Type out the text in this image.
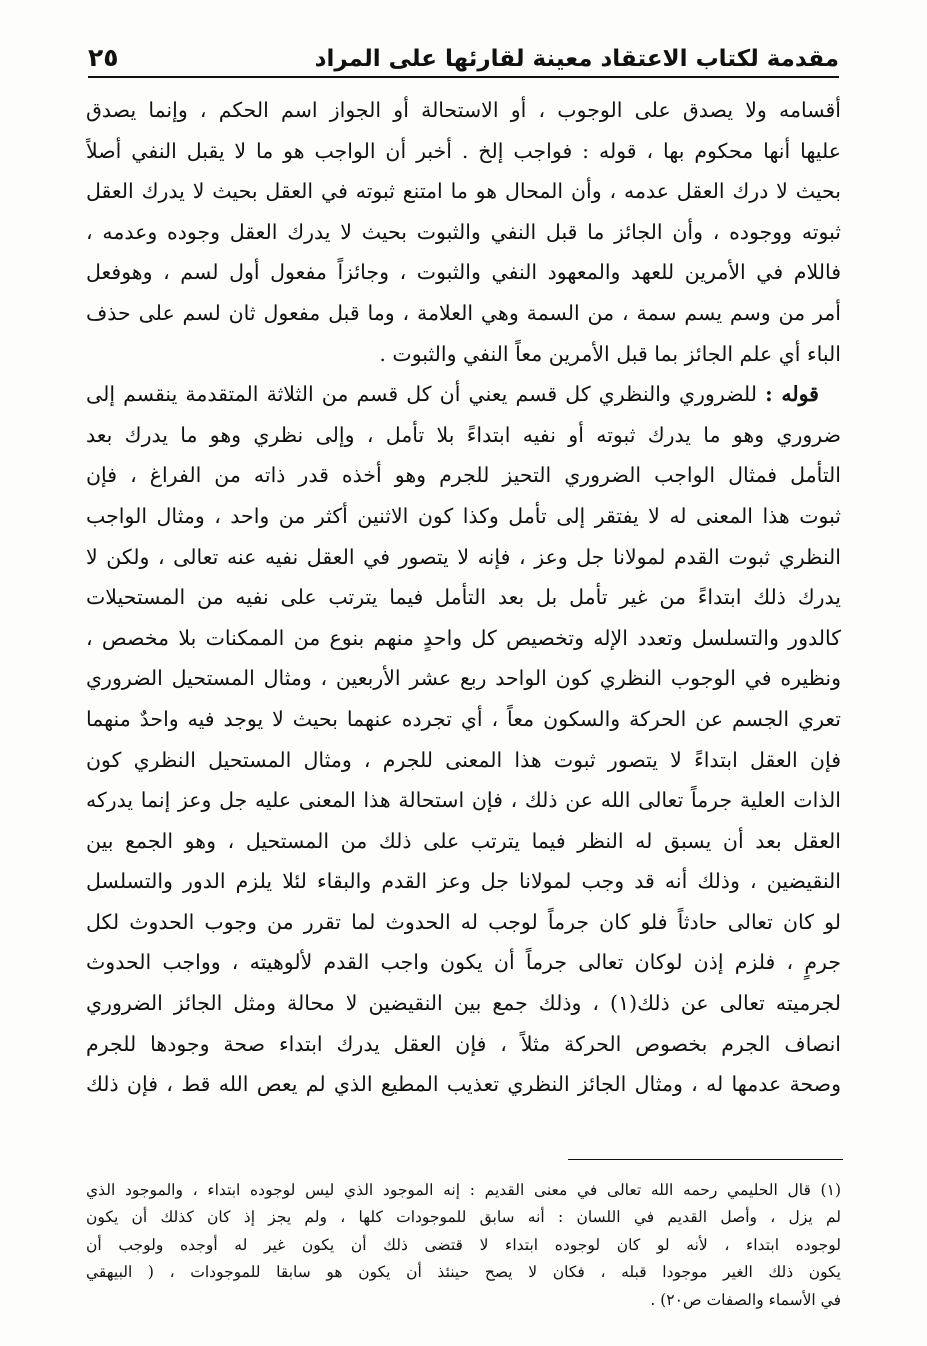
٢٥	مقدمة لكتاب الاعتقاد معينة لقارئها على المراد
أقسامه ولا يصدق على الوجوب ، أو الاستحالة أو الجواز اسم الحكم ، وإنما يصدق
عليها أنها محكوم بها ، قوله : فواجب إلخ . أخبر أن الواجب هو ما لا يقبل النفي أصلاً
بحيث لا درك العقل عدمه ، وأن المحال هو ما امتنع ثبوته في العقل بحيث لا يدرك العقل
ثبوته ووجوده ، وأن الجائز ما قبل النفي والثبوت بحيث لا يدرك العقل وجوده وعدمه ،
فاللام في الأمرين للعهد والمعهود النفي والثبوت ، وجائزاً مفعول أول لسم ، وهوفعل
أمر من وسم يسم سمة ، من السمة وهي العلامة ، وما قبل مفعول ثان لسم على حذف
الباء أي علم الجائز بما قبل الأمرين معاً النفي والثبوت .
قوله : للضروري والنظري كل قسم يعني أن كل قسم من الثلاثة المتقدمة ينقسم إلى
ضروري وهو ما يدرك ثبوته أو نفيه ابتداءً بلا تأمل ، وإلى نظري وهو ما يدرك بعد
التأمل فمثال الواجب الضروري التحيز للجرم وهو أخذه قدر ذاته من الفراغ ، فإن
ثبوت هذا المعنى له لا يفتقر إلى تأمل وكذا كون الاثنين أكثر من واحد ، ومثال الواجب
النظري ثبوت القدم لمولانا جل وعز ، فإنه لا يتصور في العقل نفيه عنه تعالى ، ولكن لا
يدرك ذلك ابتداءً من غير تأمل بل بعد التأمل فيما يترتب على نفيه من المستحيلات
كالدور والتسلسل وتعدد الإله وتخصيص كل واحدٍ منهم بنوع من الممكنات بلا مخصص ،
ونظيره في الوجوب النظري كون الواحد ربع عشر الأربعين ، ومثال المستحيل الضروري
تعري الجسم عن الحركة والسكون معاً ، أي تجرده عنهما بحيث لا يوجد فيه واحدٌ منهما
فإن العقل ابتداءً لا يتصور ثبوت هذا المعنى للجرم ، ومثال المستحيل النظري كون
الذات العلية جرماً تعالى الله عن ذلك ، فإن استحالة هذا المعنى عليه جل وعز إنما يدركه
العقل بعد أن يسبق له النظر فيما يترتب على ذلك من المستحيل ، وهو الجمع بين
النقيضين ، وذلك أنه قد وجب لمولانا جل وعز القدم والبقاء لئلا يلزم الدور والتسلسل
لو كان تعالى حادثاً فلو كان جرماً لوجب له الحدوث لما تقرر من وجوب الحدوث لكل
جرمٍ ، فلزم إذن لوكان تعالى جرماً أن يكون واجب القدم لألوهيته ، وواجب الحدوث
لجرميته تعالى عن ذلك(١) ، وذلك جمع بين النقيضين لا محالة ومثل الجائز الضروري
انصاف الجرم بخصوص الحركة مثلاً ، فإن العقل يدرك ابتداء صحة وجودها للجرم
وصحة عدمها له ، ومثال الجائز النظري تعذيب المطيع الذي لم يعص الله قط ، فإن ذلك
(١) قال الحليمي رحمه الله تعالى في معنى القديم : إنه الموجود الذي ليس لوجوده ابتداء ، والموجود الذي
لم يزل ، وأصل القديم في اللسان : أنه سابق للموجودات كلها ، ولم يجز إذ كان كذلك أن يكون
لوجوده ابتداء ، لأنه لو كان لوجوده ابتداء لا قتضى ذلك أن يكون غير له أوجده ولوجب أن
يكون ذلك الغير موجودا قبله ، فكان لا يصح حينئذ أن يكون هو سابقا للموجودات ، ( البيهقي
في الأسماء والصفات ص٢٠) .
